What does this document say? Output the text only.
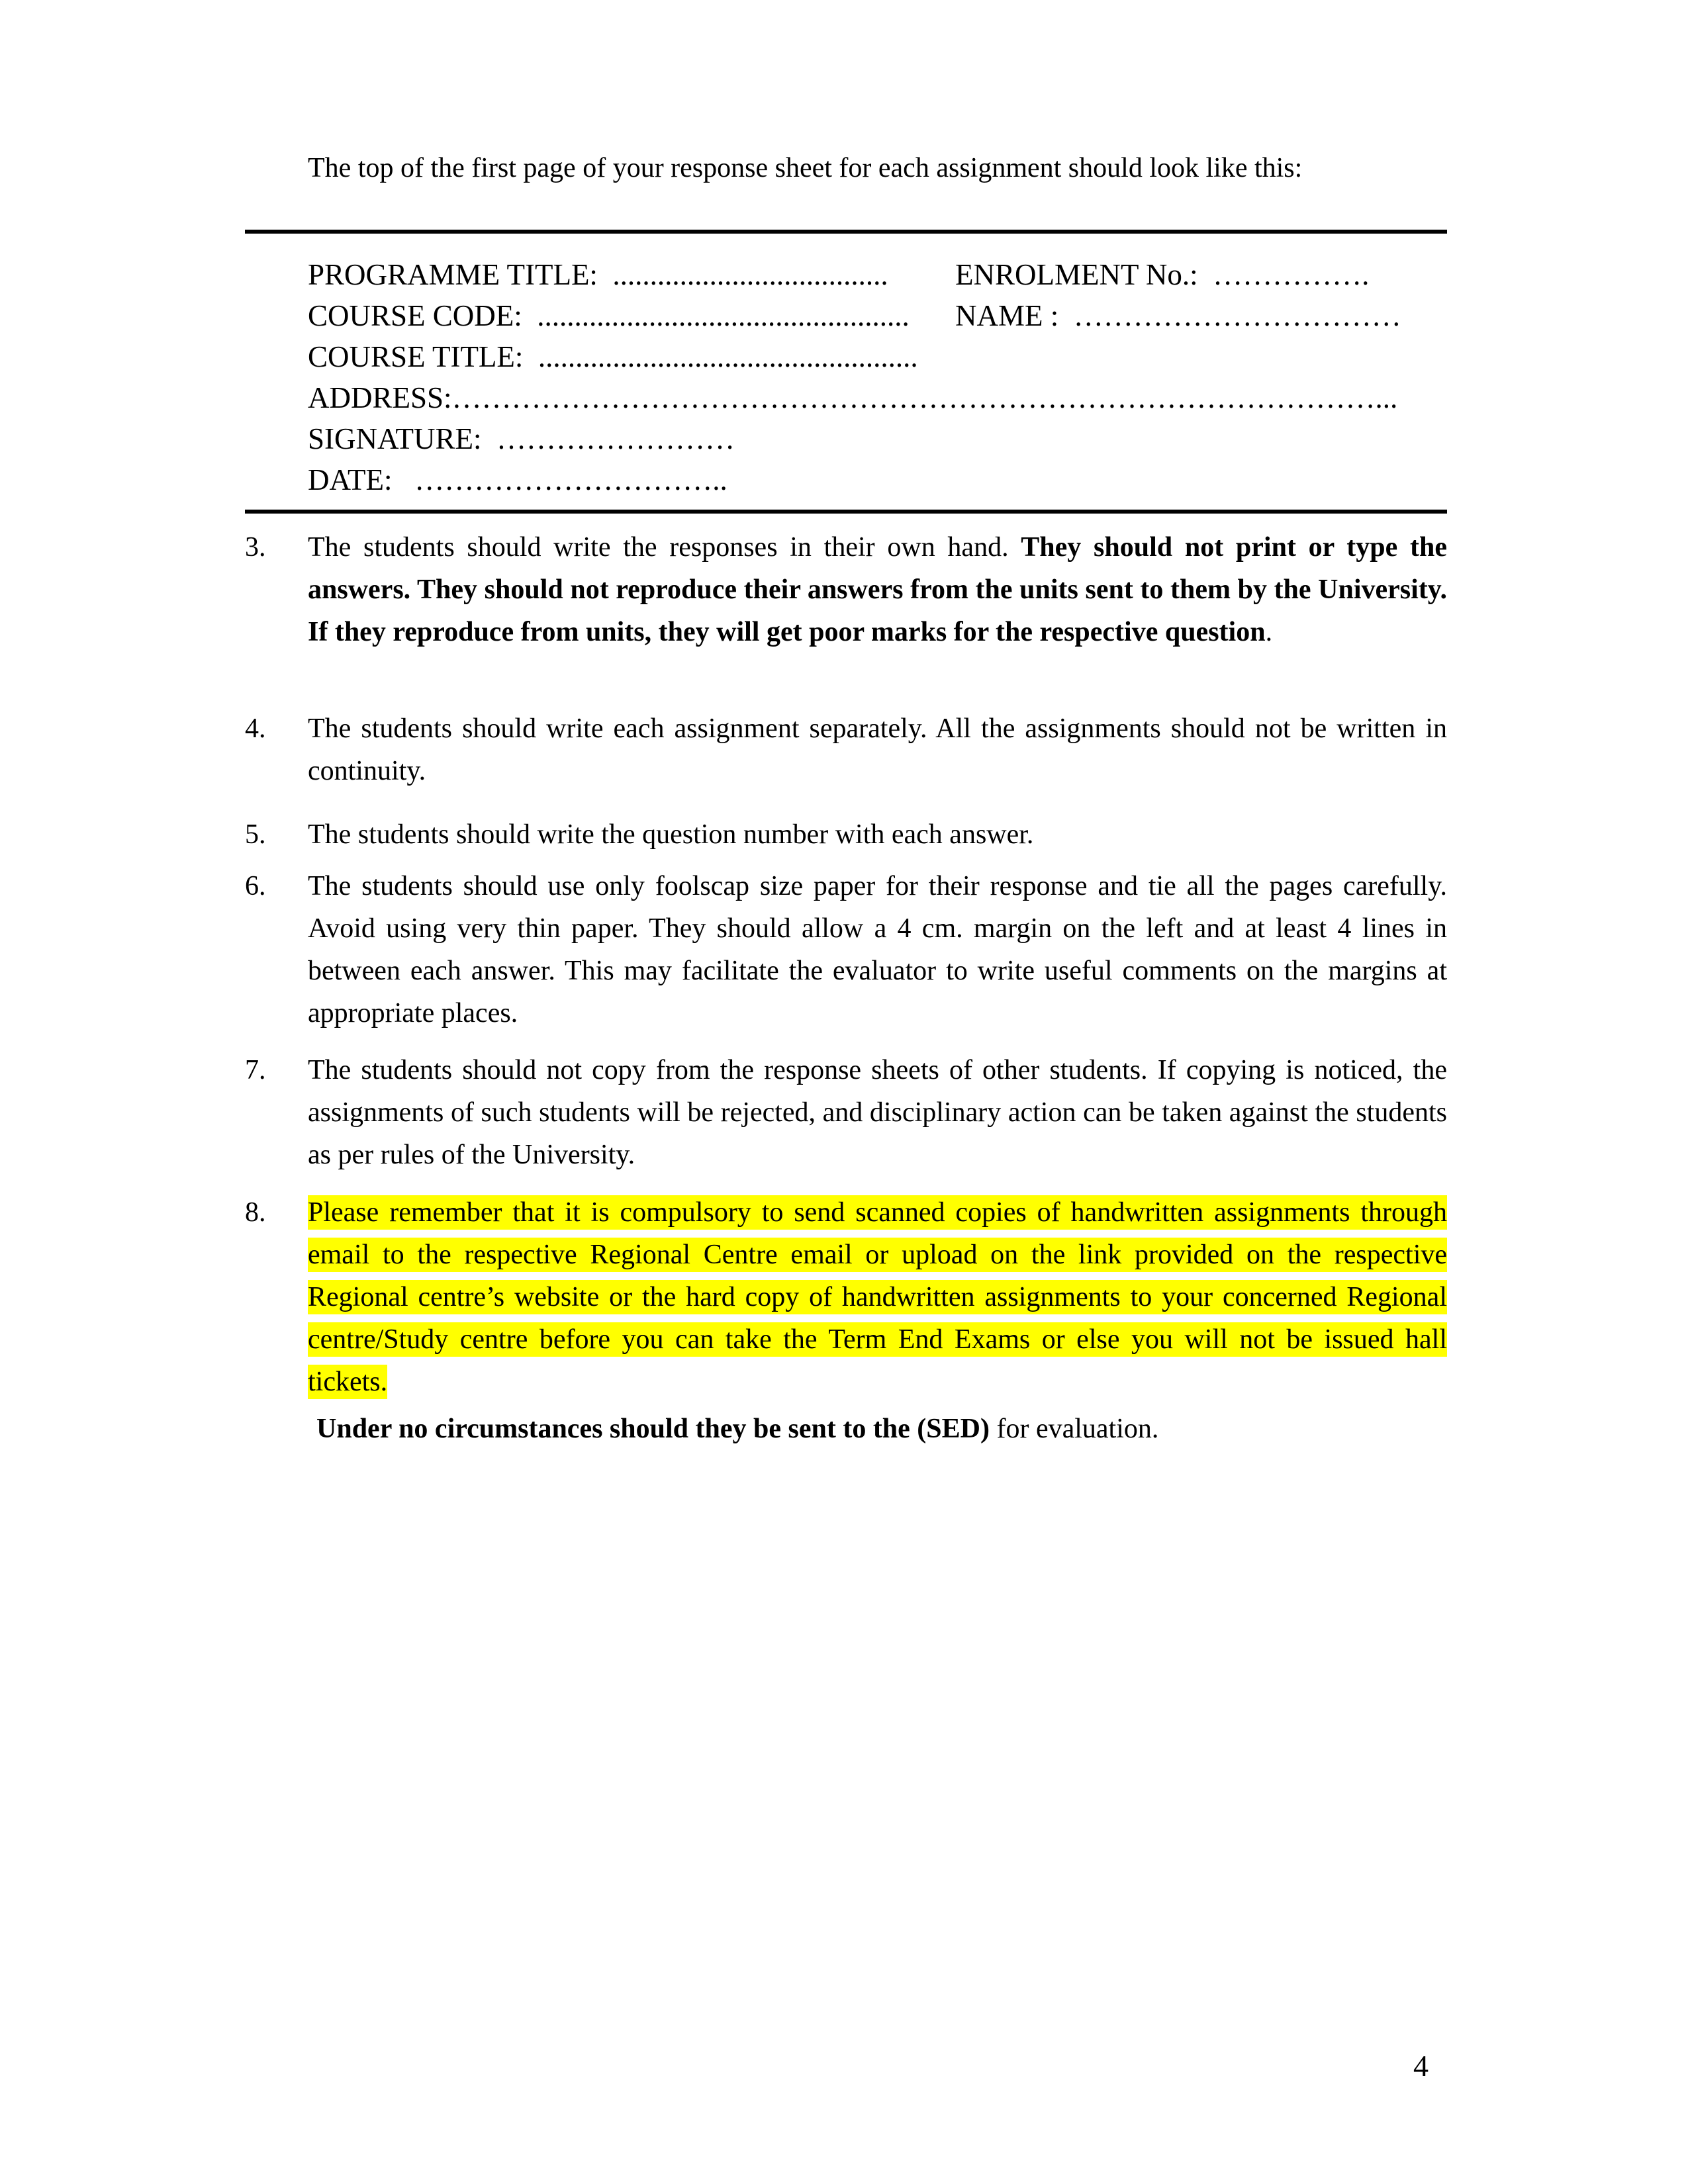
The top of the first page of your response sheet for each assignment should look like this:

PROGRAMME TITLE:  .....................................	ENROLMENT No.:  …………….
COURSE CODE:  ..................................................	NAME :  ……………………………
COURSE TITLE:  ...................................................
ADDRESS:…………………………………………………………………………………...
SIGNATURE:  ……………………
DATE:   …………………………..
3.	The students should write the responses in their own hand. They should not print or type the answers. They should not reproduce their answers from the units sent to them by the University. If they reproduce from units, they will get poor marks for the respective question.
4.	The students should write each assignment separately. All the assignments should not be written in continuity.
5.	The students should write the question number with each answer.
6.	The students should use only foolscap size paper for their response and tie all the pages carefully. Avoid using very thin paper. They should allow a 4 cm. margin on the left and at least 4 lines in between each answer. This may facilitate the evaluator to write useful comments on the margins at appropriate places.
7.	The students should not copy from the response sheets of other students. If copying is noticed, the assignments of such students will be rejected, and disciplinary action can be taken against the students as per rules of the University.
8.	Please remember that it is compulsory to send scanned copies of handwritten assignments through email to the respective Regional Centre email or upload on the link provided on the respective Regional centre’s website or the hard copy of handwritten assignments to your concerned Regional centre/Study centre before you can take the Term End Exams or else you will not be issued hall tickets.

Under no circumstances should they be sent to the (SED) for evaluation.

4
